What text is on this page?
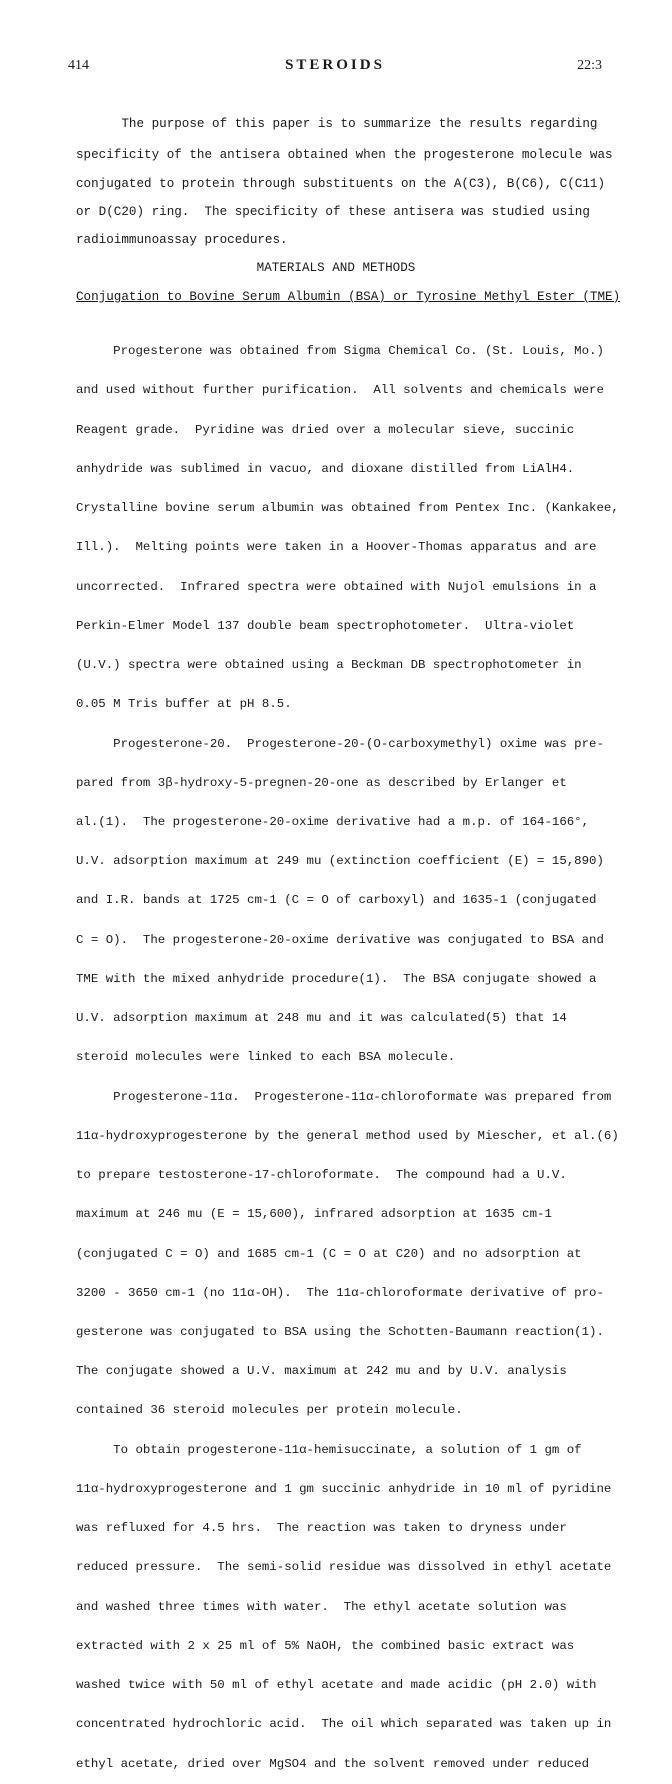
414	STEROIDS	22:3

The purpose of this paper is to summarize the results regarding

specificity of the antisera obtained when the progesterone molecule was

conjugated to protein through substituents on the A(C3), B(C6), C(C11)

or D(C20) ring.  The specificity of these antisera was studied using

radioimmunoassay procedures.

MATERIALS AND METHODS
Conjugation to Bovine Serum Albumin (BSA) or Tyrosine Methyl Ester (TME)

Progesterone was obtained from Sigma Chemical Co. (St. Louis, Mo.)

and used without further purification.  All solvents and chemicals were

Reagent grade.  Pyridine was dried over a molecular sieve, succinic

anhydride was sublimed in vacuo, and dioxane distilled from LiAlH4.

Crystalline bovine serum albumin was obtained from Pentex Inc. (Kankakee,

Ill.).  Melting points were taken in a Hoover-Thomas apparatus and are

uncorrected.  Infrared spectra were obtained with Nujol emulsions in a

Perkin-Elmer Model 137 double beam spectrophotometer.  Ultra-violet

(U.V.) spectra were obtained using a Beckman DB spectrophotometer in

0.05 M Tris buffer at pH 8.5.

Progesterone-20.  Progesterone-20-(O-carboxymethyl) oxime was pre-

pared from 3β-hydroxy-5-pregnen-20-one as described by Erlanger et

al.(1).  The progesterone-20-oxime derivative had a m.p. of 164-166°,

U.V. adsorption maximum at 249 mu (extinction coefficient (E) = 15,890)

and I.R. bands at 1725 cm-1 (C = O of carboxyl) and 1635-1 (conjugated

C = O).  The progesterone-20-oxime derivative was conjugated to BSA and

TME with the mixed anhydride procedure(1).  The BSA conjugate showed a

U.V. adsorption maximum at 248 mu and it was calculated(5) that 14

steroid molecules were linked to each BSA molecule.

Progesterone-11α.  Progesterone-11α-chloroformate was prepared from

11α-hydroxyprogesterone by the general method used by Miescher, et al.(6)

to prepare testosterone-17-chloroformate.  The compound had a U.V.

maximum at 246 mu (E = 15,600), infrared adsorption at 1635 cm-1

(conjugated C = O) and 1685 cm-1 (C = O at C20) and no adsorption at

3200 - 3650 cm-1 (no 11α-OH).  The 11α-chloroformate derivative of pro-

gesterone was conjugated to BSA using the Schotten-Baumann reaction(1).

The conjugate showed a U.V. maximum at 242 mu and by U.V. analysis

contained 36 steroid molecules per protein molecule.

To obtain progesterone-11α-hemisuccinate, a solution of 1 gm of

11α-hydroxyprogesterone and 1 gm succinic anhydride in 10 ml of pyridine

was refluxed for 4.5 hrs.  The reaction was taken to dryness under

reduced pressure.  The semi-solid residue was dissolved in ethyl acetate

and washed three times with water.  The ethyl acetate solution was

extracted with 2 x 25 ml of 5% NaOH, the combined basic extract was

washed twice with 50 ml of ethyl acetate and made acidic (pH 2.0) with

concentrated hydrochloric acid.  The oil which separated was taken up in

ethyl acetate, dried over MgSO4 and the solvent removed under reduced
